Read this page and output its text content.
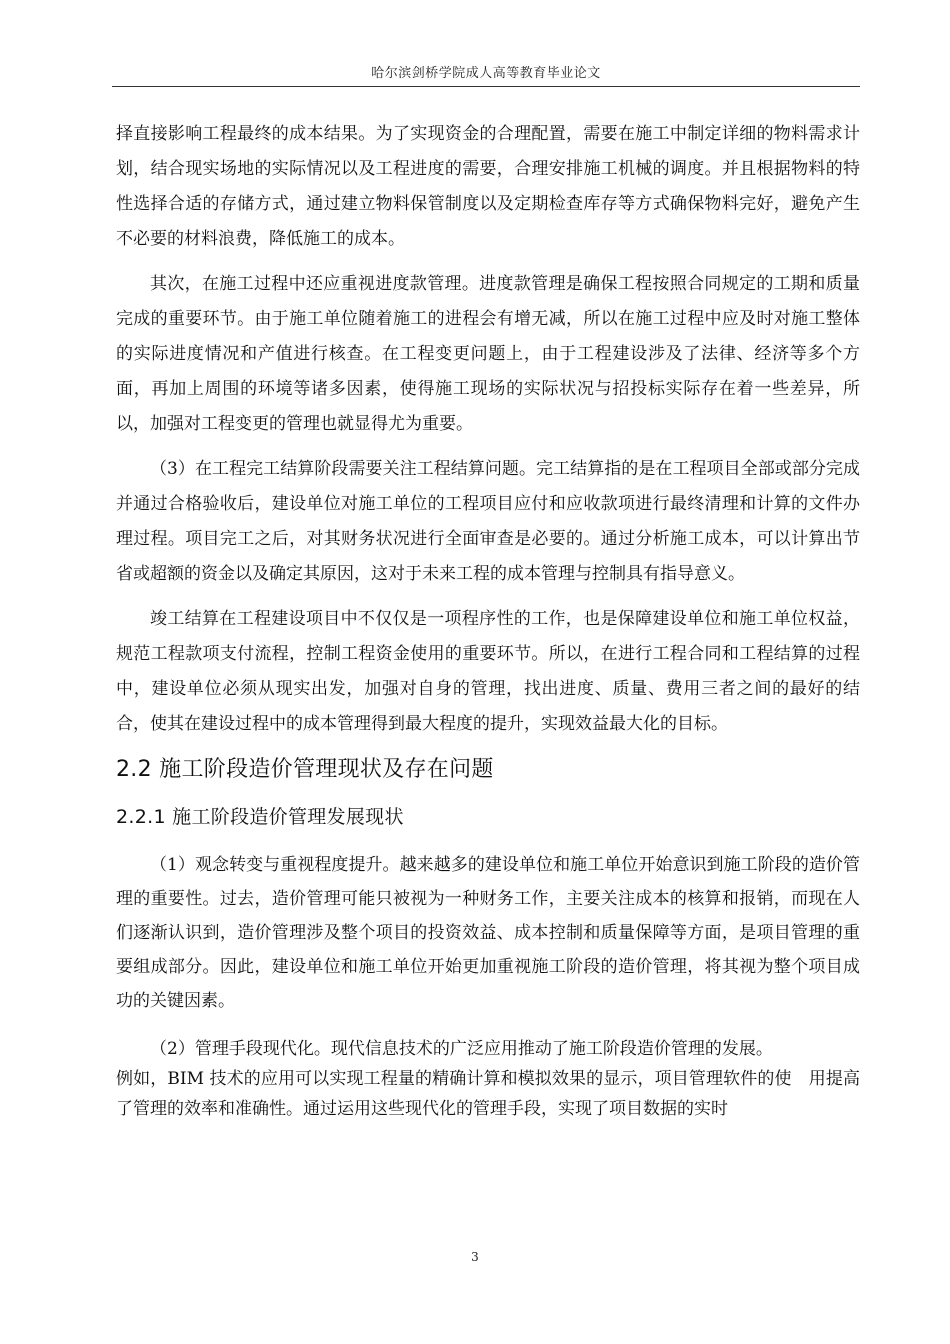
哈尔滨剑桥学院成人高等教育毕业论文

择直接影响工程最终的成本结果。为了实现资金的合理配置，需要在施工中制定详细的物料需求计划，结合现实场地的实际情况以及工程进度的需要，合理安排施工机械的调度。并且根据物料的特性选择合适的存储方式，通过建立物料保管制度以及定期检查库存等方式确保物料完好，避免产生不必要的材料浪费，降低施工的成本。

其次，在施工过程中还应重视进度款管理。进度款管理是确保工程按照合同规定的工期和质量完成的重要环节。由于施工单位随着施工的进程会有增无减，所以在施工过程中应及时对施工整体的实际进度情况和产值进行核查。在工程变更问题上，由于工程建设涉及了法律、经济等多个方面，再加上周围的环境等诸多因素，使得施工现场的实际状况与招投标实际存在着一些差异，所以，加强对工程变更的管理也就显得尤为重要。

（3）在工程完工结算阶段需要关注工程结算问题。完工结算指的是在工程项目全部或部分完成并通过合格验收后，建设单位对施工单位的工程项目应付和应收款项进行最终清理和计算的文件办理过程。项目完工之后，对其财务状况进行全面审查是必要的。通过分析施工成本，可以计算出节省或超额的资金以及确定其原因，这对于未来工程的成本管理与控制具有指导意义。

竣工结算在工程建设项目中不仅仅是一项程序性的工作，也是保障建设单位和施工单位权益，规范工程款项支付流程，控制工程资金使用的重要环节。所以，在进行工程合同和工程结算的过程中，建设单位必须从现实出发，加强对自身的管理，找出进度、质量、费用三者之间的最好的结合，使其在建设过程中的成本管理得到最大程度的提升，实现效益最大化的目标。

2.2 施工阶段造价管理现状及存在问题
2.2.1 施工阶段造价管理发展现状

（1）观念转变与重视程度提升。越来越多的建设单位和施工单位开始意识到施工阶段的造价管理的重要性。过去，造价管理可能只被视为一种财务工作，主要关注成本的核算和报销，而现在人们逐渐认识到，造价管理涉及整个项目的投资效益、成本控制和质量保障等方面，是项目管理的重要组成部分。因此，建设单位和施工单位开始更加重视施工阶段的造价管理，将其视为整个项目成功的关键因素。

（2）管理手段现代化。现代信息技术的广泛应用推动了施工阶段造价管理的发展。

例如，BIM 技术的应用可以实现工程量的精确计算和模拟效果的显示，项目管理软件的使　用提高了管理的效率和准确性。通过运用这些现代化的管理手段，实现了项目数据的实时

3
